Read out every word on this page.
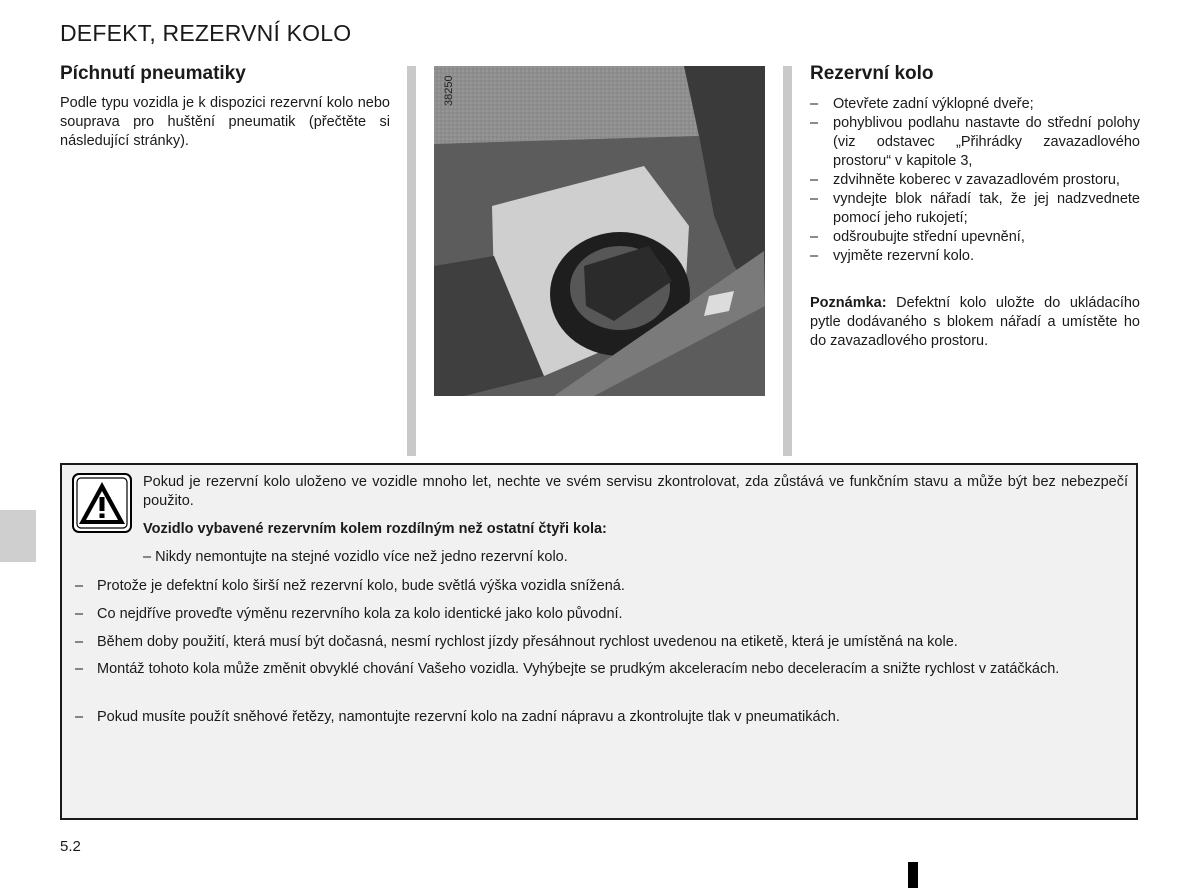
DEFEKT, REZERVNÍ KOLO
Píchnutí pneumatiky
Podle typu vozidla je k dispozici rezervní kolo nebo souprava pro huštění pneumatik (přečtěte si následující stránky).
38250
Rezervní kolo
– Otevřete zadní výklopné dveře;
– pohyblivou podlahu nastavte do střední polohy (viz odstavec „Přihrádky zavazadlového prostoru“ v kapitole 3,
– zdvihněte koberec v zavazadlovém prostoru,
– vyndejte blok nářadí tak, že jej nadzvednete pomocí jeho rukojetí;
– odšroubujte střední upevnění,
– vyjměte rezervní kolo.
Poznámka: Defektní kolo uložte do ukládacího pytle dodávaného s blokem nářadí a umístěte ho do zavazadlového prostoru.
Pokud je rezervní kolo uloženo ve vozidle mnoho let, nechte ve svém servisu zkontrolovat, zda zůstává ve funkčním stavu a může být bez nebezpečí použito.
Vozidlo vybavené rezervním kolem rozdílným než ostatní čtyři kola:
– Nikdy nemontujte na stejné vozidlo více než jedno rezervní kolo.
– Protože je defektní kolo širší než rezervní kolo, bude světlá výška vozidla snížená.
– Co nejdříve proveďte výměnu rezervního kola za kolo identické jako kolo původní.
– Během doby použití, která musí být dočasná, nesmí rychlost jízdy přesáhnout rychlost uvedenou na etiketě, která je umístěná na kole.
– Montáž tohoto kola může změnit obvyklé chování Vašeho vozidla. Vyhýbejte se prudkým akceleracím nebo deceleracím a snižte rychlost v zatáčkách.
– Pokud musíte použít sněhové řetězy, namontujte rezervní kolo na zadní nápravu a zkontrolujte tlak v pneumatikách.
5.2
